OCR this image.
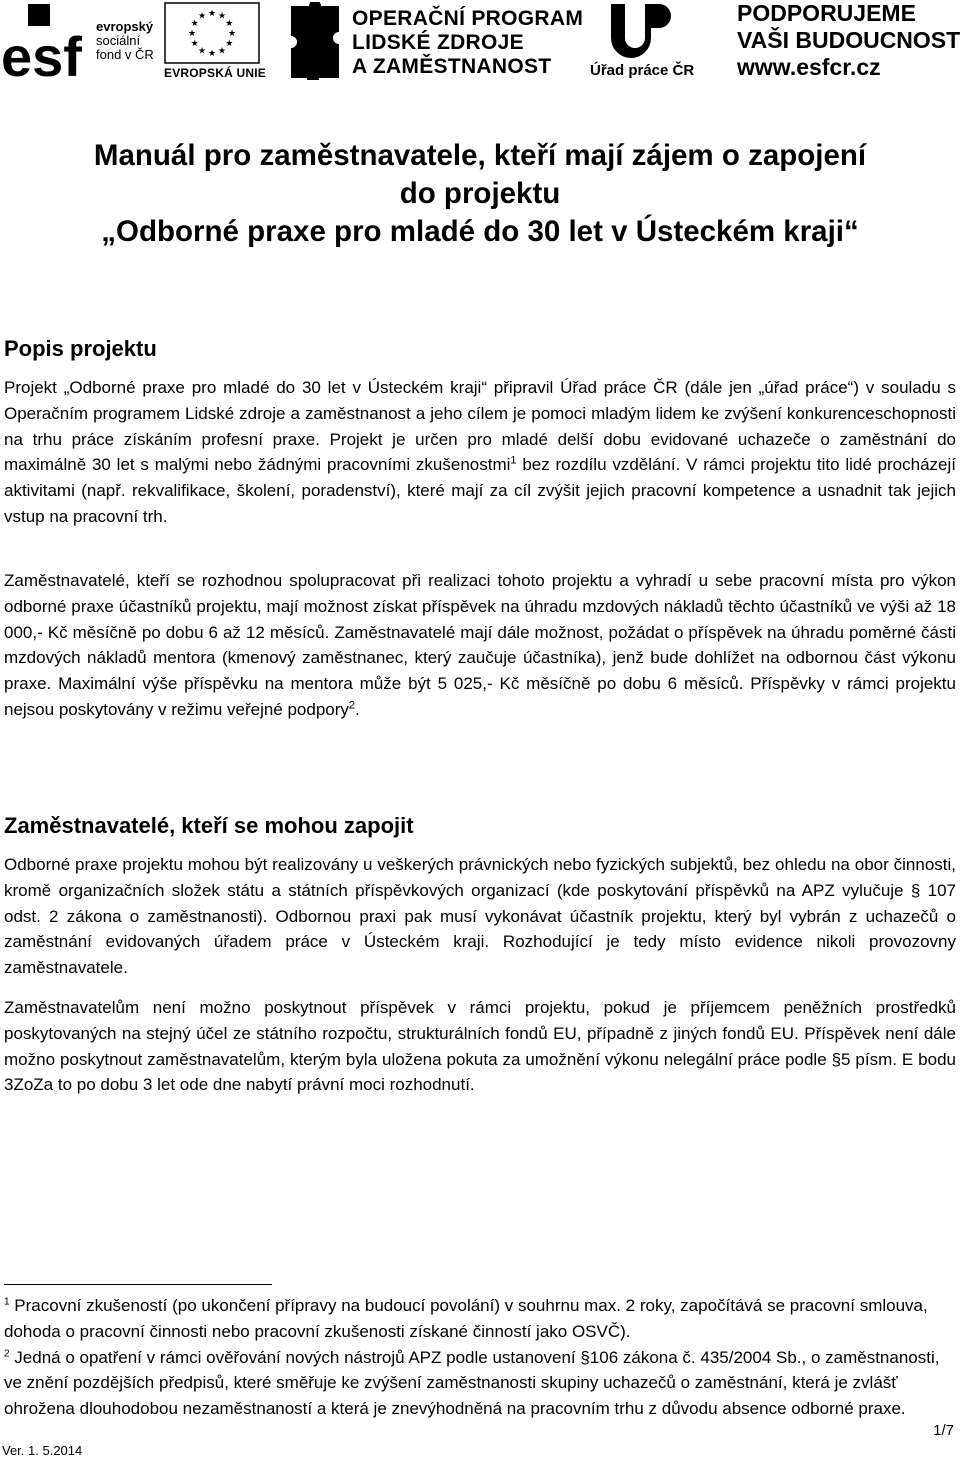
esf evropský
sociální
fond v ČR
★ ★
★
★
★
★
★
★
★
★
★
★
EVROPSKÁ UNIE
OPERAČNÍ PROGRAM
LIDSKÉ ZDROJE
A ZAMĚSTNANOST	Úřad práce ČR
PODPORUJEME
VAŠI BUDOUCNOST
www.esfcr.cz
Manuál pro zaměstnavatele, kteří mají zájem o zapojení
do projektu
„Odborné praxe pro mladé do 30 let v Ústeckém kraji“
Popis projektu

Projekt „Odborné praxe pro mladé do 30 let v Ústeckém kraji“ připravil Úřad práce ČR (dále jen „úřad práce“) v souladu s Operačním programem Lidské zdroje a zaměstnanost a jeho cílem je pomoci mladým lidem ke zvýšení konkurenceschopnosti na trhu práce získáním profesní praxe. Projekt je určen pro mladé delší dobu evidované uchazeče o zaměstnání do maximálně 30 let s malými nebo žádnými pracovními zkušenostmi$^1$ bez rozdílu vzdělání. V rámci projektu tito lidé procházejí aktivitami (např. rekvalifikace, školení, poradenství), které mají za cíl zvýšit jejich pracovní kompetence a usnadnit tak jejich vstup na pracovní trh.

Zaměstnavatelé, kteří se rozhodnou spolupracovat při realizaci tohoto projektu a vyhradí u sebe pracovní místa pro výkon odborné praxe účastníků projektu, mají možnost získat příspěvek na úhradu mzdových nákladů těchto účastníků ve výši až 18 000,- Kč měsíčně po dobu 6 až 12 měsíců. Zaměstnavatelé mají dále možnost, požádat o příspěvek na úhradu poměrné části mzdových nákladů mentora (kmenový zaměstnanec, který zaučuje účastníka), jenž bude dohlížet na odbornou část výkonu praxe. Maximální výše příspěvku na mentora může být 5 025,- Kč měsíčně po dobu 6 měsíců. Příspěvky v rámci projektu nejsou poskytovány v režimu veřejné podpory$^2$.

Zaměstnavatelé, kteří se mohou zapojit

Odborné praxe projektu mohou být realizovány u veškerých právnických nebo fyzických subjektů, bez ohledu na obor činnosti, kromě organizačních složek státu a státních příspěvkových organizací (kde poskytování příspěvků na APZ vylučuje § 107 odst. 2 zákona o zaměstnanosti). Odbornou praxi pak musí vykonávat účastník projektu, který byl vybrán z uchazečů o zaměstnání evidovaných úřadem práce v Ústeckém kraji. Rozhodující je tedy místo evidence nikoli provozovny zaměstnavatele.

Zaměstnavatelům není možno poskytnout příspěvek v rámci projektu, pokud je příjemcem peněžních prostředků poskytovaných na stejný účel ze státního rozpočtu, strukturálních fondů EU, případně z jiných fondů EU. Příspěvek není dále možno poskytnout zaměstnavatelům, kterým byla uložena pokuta za umožnění výkonu nelegální práce podle §5 písm. E bodu 3ZoZa to po dobu 3 let ode dne nabytí právní moci rozhodnutí.

$^1$ Pracovní zkušeností (po ukončení přípravy na budoucí povolání) v souhrnu max. 2 roky, započítává se pracovní smlouva, dohoda o pracovní činnosti nebo pracovní zkušenosti získané činností jako OSVČ).

$^2$ Jedná o opatření v rámci ověřování nových nástrojů APZ podle ustanovení §106 zákona č. 435/2004 Sb., o zaměstnanosti, ve znění pozdějších předpisů, které směřuje ke zvýšení zaměstnanosti skupiny uchazečů o zaměstnání, která je zvlášť ohrožena dlouhodobou nezaměstnaností a která je znevýhodněná na pracovním trhu z důvodu absence odborné praxe.

1/7
Ver. 1. 5.2014
